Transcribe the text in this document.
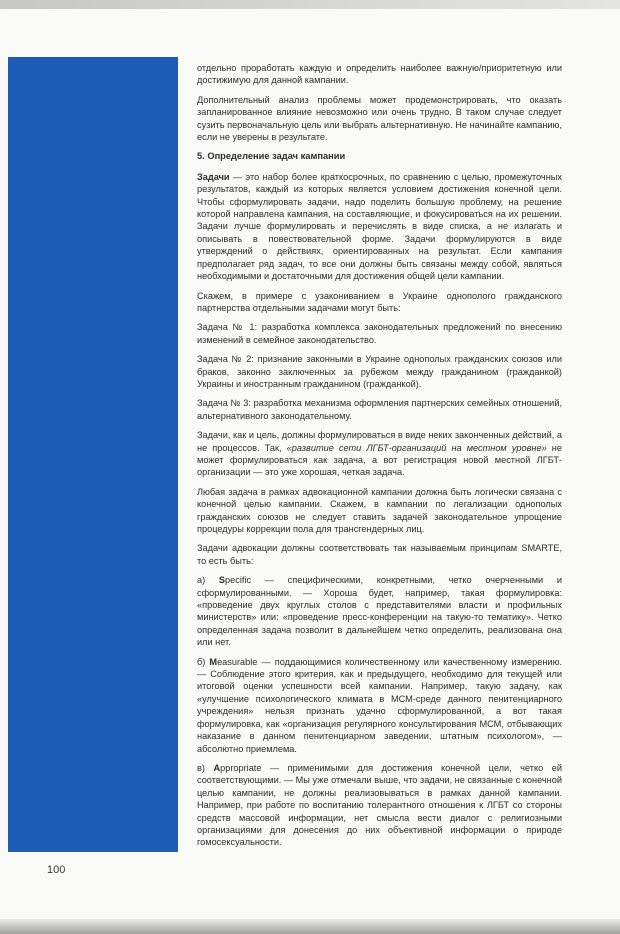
отдельно проработать каждую и определить наиболее важную/приоритетную или достижимую для данной кампании.

Дополнительный анализ проблемы может продемонстрировать, что оказать запланированное влияние невозможно или очень трудно. В таком случае следует сузить первоначальную цель или выбрать альтернативную. Не начинайте кампанию, если не уверены в результате.

5. Определение задач кампании

Задачи — это набор более краткосрочных, по сравнению с целью, промежуточных результатов, каждый из которых является условием достижения конечной цели. Чтобы сформулировать задачи, надо поделить большую проблему, на решение которой направлена кампания, на составляющие, и фокусироваться на их решении. Задачи лучше формулировать и перечислять в виде списка, а не излагать и описывать в повествовательной форме. Задачи формулируются в виде утверждений о действиях, ориентированных на результат. Если кампания предполагает ряд задач, то все они должны быть связаны между собой, являться необходимыми и достаточными для достижения общей цели кампании.

Скажем, в примере с узакониванием в Украине однополого гражданского партнерства отдельными задачами могут быть:

Задача № 1: разработка комплекса законодательных предложений по внесению изменений в семейное законодательство.

Задача № 2: признание законными в Украине однополых гражданских союзов или браков, законно заключенных за рубежом между гражданином (гражданкой) Украины и иностранным гражданином (гражданкой).

Задача № 3: разработка механизма оформления партнерских семейных отношений, альтернативного законодательному.

Задачи, как и цель, должны формулироваться в виде неких законченных действий, а не процессов. Так, «развитие сети ЛГБТ-организаций на местном уровне» не может формулироваться как задача, а вот регистрация новой местной ЛГБТ-организации — это уже хорошая, четкая задача.

Любая задача в рамках адвокационной кампании должна быть логически связана с конечной целью кампании. Скажем, в кампании по легализации однополых гражданских союзов не следует ставить задачей законодательное упрощение процедуры коррекции пола для трансгендерных лиц.

Задачи адвокации должны соответствовать так называемым принципам SMARTE, то есть быть:

а) Specific — специфическими, конкретными, четко очерченными и сформулированными. — Хороша будет, например, такая формулировка: «проведение двух круглых столов с представителями власти и профильных министерств» или: «проведение пресс-конференции на такую-то тематику». Четко определенная задача позволит в дальнейшем четко определить, реализована она или нет.

б) Measurable — поддающимися количественному или качественному измерению. — Соблюдение этого критерия, как и предыдущего, необходимо для текущей или итоговой оценки успешности всей кампании. Например, такую задачу, как «улучшение психологического климата в МСМ-среде данного пенитенциарного учреждения» нельзя признать удачно сформулированной, а вот такая формулировка, как «организация регулярного консультирования МСМ, отбывающих наказание в данном пенитенциарном заведении, штатным психологом», — абсолютно приемлема.

в) Appropriate — применимыми для достижения конечной цели, четко ей соответствующими. — Мы уже отмечали выше, что задачи, не связанные с конечной целью кампании, не должны реализовываться в рамках данной кампании. Например, при работе по воспитанию толерантного отношения к ЛГБТ со стороны средств массовой информации, нет смысла вести диалог с религиозными организациями для донесения до них объективной информации о природе гомосексуальности.

100
